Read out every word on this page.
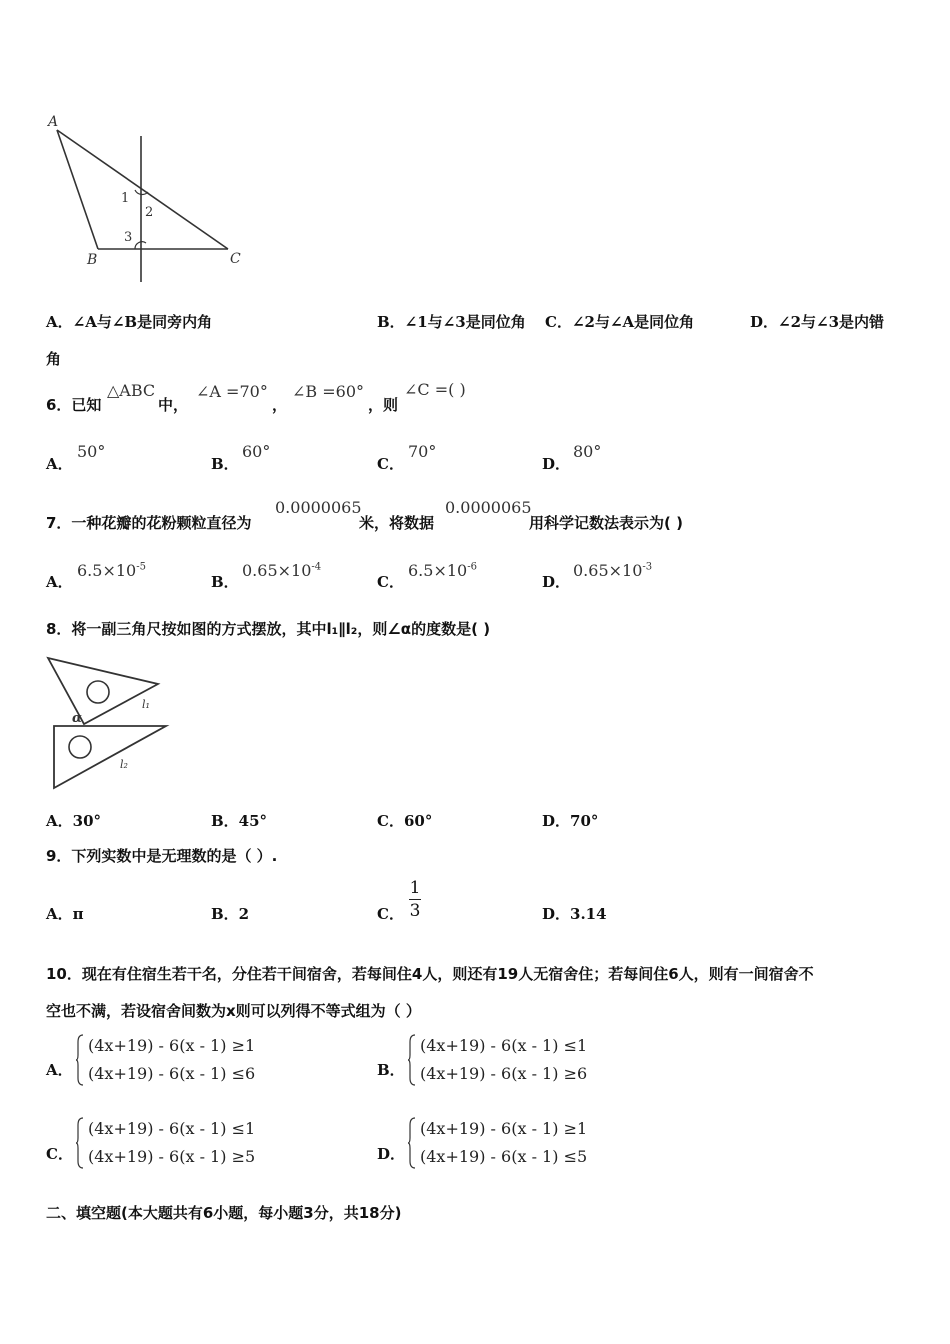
A
B	C
1
2
3
A．∠A与∠B是同旁内角	B．∠1与∠3是同位角 C．∠2与∠A是同位角	D．∠2与∠3是内错
角
6．已知
△ABC
中，
∠A =70°
，
∠B =60°
，则
∠C =( )
A．
50°
B．
60°
C．
70°
D．
80°
7．一种花瓣的花粉颗粒直径为
0.0000065
米，将数据
0.0000065
用科学记数法表示为( )
A．
$6.5\times 10^{-5}$
B．
$0.65\times 10^{-4}$
C．
$6.5\times 10^{-6}$
D．
$0.65\times 10^{-3}$
8．将一副三角尺按如图的方式摆放，其中l₁∥l₂，则∠α的度数是( )
α
l₁
l₂
A．30°	B．45°	C．60°	D．70°
9．下列实数中是无理数的是（ ）.
A．π	B．2	C．
1
3	D．3.14
10．现在有住宿生若干名，分住若干间宿舍，若每间住4人，则还有19人无宿舍住；若每间住6人，则有一间宿舍不
空也不满，若设宿舍间数为x则可以列得不等式组为（ ）
A．
(4x+19) - 6(x - 1) ≥1
(4x+19) - 6(x - 1) ≤6	B．
(4x+19) - 6(x - 1) ≤1
(4x+19) - 6(x - 1) ≥6
C．
(4x+19) - 6(x - 1) ≤1
(4x+19) - 6(x - 1) ≥5	D．
(4x+19) - 6(x - 1) ≥1
(4x+19) - 6(x - 1) ≤5
二、填空题(本大题共有6小题，每小题3分，共18分)
